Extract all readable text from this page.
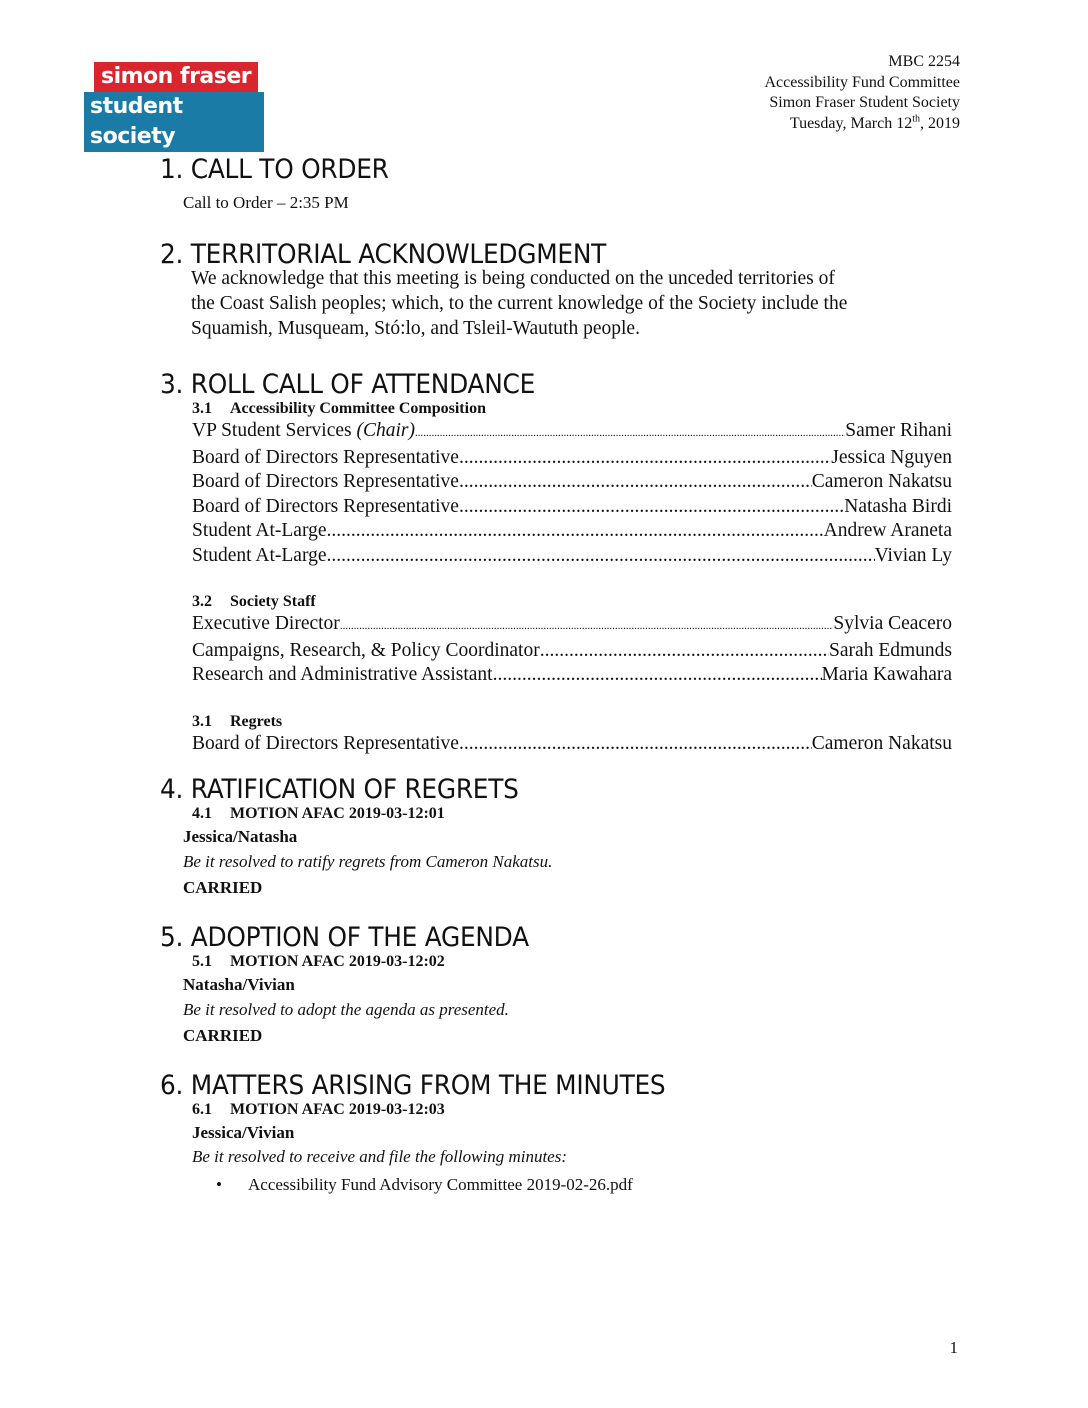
simon fraser
student society
MBC 2254
Accessibility Fund Committee
Simon Fraser Student Society
Tuesday, March 12th, 2019
1. CALL TO ORDER
Call to Order – 2:35 PM
2. TERRITORIAL ACKNOWLEDGMENT
We acknowledge that this meeting is being conducted on the unceded territories of
the Coast Salish peoples; which, to the current knowledge of the Society include the
Squamish, Musqueam, Stó:lo, and Tsleil-Waututh people.
3. ROLL CALL OF ATTENDANCE
3.1 Accessibility Committee Composition
VP Student Services (Chair) .....	Samer Rihani
Board of Directors Representative .....	Jessica Nguyen
Board of Directors Representative .....	Cameron Nakatsu
Board of Directors Representative .....	Natasha Birdi
Student At-Large .....	Andrew Araneta
Student At-Large .....	Vivian Ly
3.2 Society Staff
Executive Director .....	Sylvia Ceacero
Campaigns, Research, & Policy Coordinator .....	Sarah Edmunds
Research and Administrative Assistant .....	Maria Kawahara
3.1 Regrets
Board of Directors Representative .....	Cameron Nakatsu
4. RATIFICATION OF REGRETS
4.1 MOTION AFAC 2019-03-12:01
Jessica/Natasha
Be it resolved to ratify regrets from Cameron Nakatsu.
CARRIED
5. ADOPTION OF THE AGENDA
5.1 MOTION AFAC 2019-03-12:02
Natasha/Vivian
Be it resolved to adopt the agenda as presented.
CARRIED
6. MATTERS ARISING FROM THE MINUTES
6.1 MOTION AFAC 2019-03-12:03
Jessica/Vivian
Be it resolved to receive and file the following minutes:
•	Accessibility Fund Advisory Committee 2019-02-26.pdf
1
